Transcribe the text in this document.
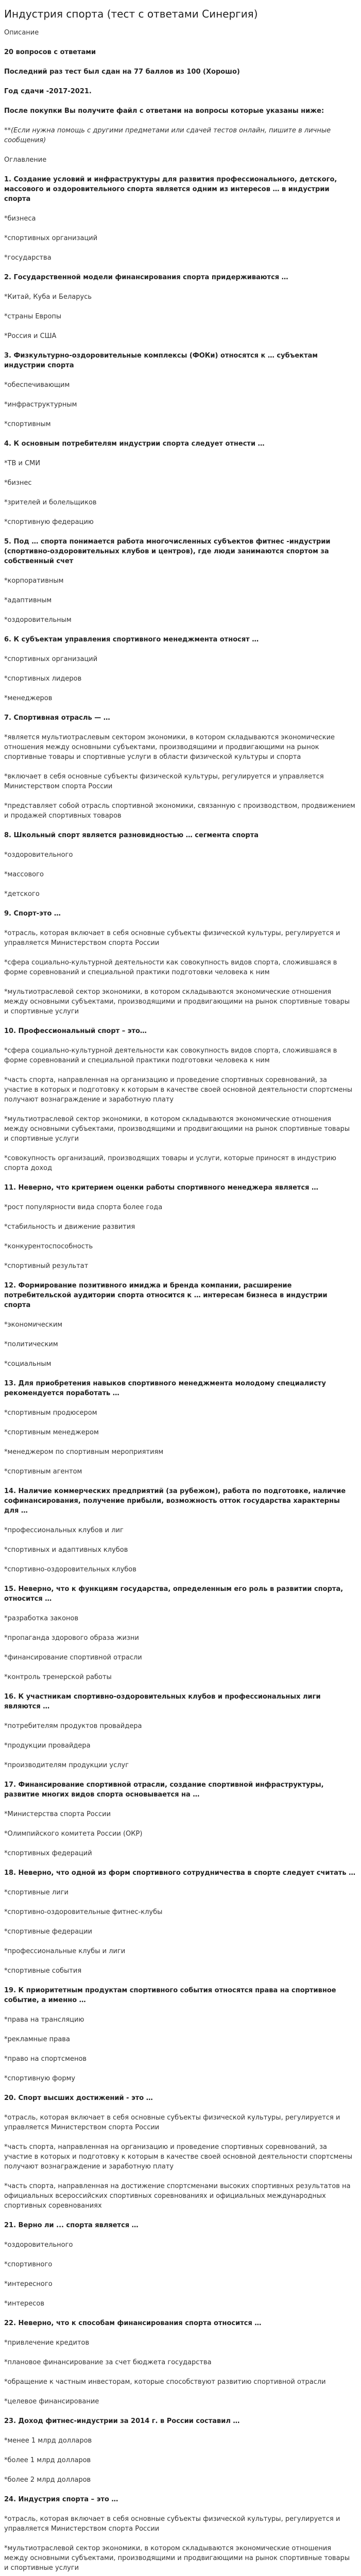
Индустрия спорта (тест с ответами Синергия)

Описание

20 вопросов с ответами

Последний раз тест был сдан на 77 баллов из 100 (Хорошо)

Год сдачи -2017-2021.

После покупки Вы получите файл с ответами на вопросы которые указаны ниже:

**(Если нужна помощь с другими предметами или сдачей тестов онлайн, пишите в личные сообщения)

Оглавление

1. Создание условий и инфраструктуры для развития профессионального, детского, массового и оздоровительного спорта является одним из интересов … в индустрии спорта

*бизнеса

*спортивных организаций

*государства

2. Государственной модели финансирования спорта придерживаются …

*Китай, Куба и Беларусь

*страны Европы

*Россия и США

3. Физкультурно-оздоровительные комплексы (ФОКи) относятся к … субъектам индустрии спорта

*обеспечивающим

*инфраструктурным

*спортивным

4. К основным потребителям индустрии спорта следует отнести …

*ТВ и СМИ

*бизнес

*зрителей и болельщиков

*спортивную федерацию

5. Под … спорта понимается работа многочисленных субъектов фитнес -индустрии (спортивно-оздоровительных клубов и центров), где люди занимаются спортом за собственный счет

*корпоративным

*адаптивным

*оздоровительным

6. К субъектам управления спортивного менеджмента относят …

*спортивных организаций

*спортивных лидеров

*менеджеров

7. Спортивная отрасль — …

*является мультиотраслевым сектором экономики, в котором складываются экономические отношения между основными субъектами, производящими и продвигающими на рынок спортивные товары и спортивные услуги в области физической культуры и спорта

*включает в себя основные субъекты физической культуры, регулируется и управляется Министерством спорта России

*представляет собой отрасль спортивной экономики, связанную с производством, продвижением и продажей спортивных товаров

8. Школьный спорт является разновидностью … сегмента спорта

*оздоровительного

*массового

*детского

9. Спорт-это …

*отрасль, которая включает в себя основные субъекты физической культуры, регулируется и управляется Министерством спорта России

*сфера социально-культурной деятельности как совокупность видов спорта, сложившаяся в форме соревнований и специальной практики подготовки человека к ним

*мультиотраслевой сектор экономики, в котором складываются экономические отношения между основными субъектами, производящими и продвигающими на рынок спортивные товары и спортивные услуги

10. Профессиональный спорт – это…

*сфера социально-культурной деятельности как совокупность видов спорта, сложившаяся в форме соревнований и специальной практики подготовки человека к ним

*часть спорта, направленная на организацию и проведение спортивных соревнований, за участие в которых и подготовку к которым в качестве своей основной деятельности спортсмены получают вознаграждение и заработную плату

*мультиотраслевой сектор экономики, в котором складываются экономические отношения между основными субъектами, производящими и продвигающими на рынок спортивные товары и спортивные услуги

*совокупность организаций, производящих товары и услуги, которые приносят в индустрию спорта доход

11. Неверно, что критерием оценки работы спортивного менеджера является …

*рост популярности вида спорта более года

*стабильность и движение развития

*конкурентоспособность

*спортивный результат

12. Формирование позитивного имиджа и бренда компании, расширение потребительской аудитории спорта относится к … интересам бизнеса в индустрии спорта

*экономическим

*политическим

*социальным

13. Для приобретения навыков спортивного менеджмента молодому специалисту рекомендуется поработать …

*спортивным продюсером

*спортивным менеджером

*менеджером по спортивным мероприятиям

*спортивным агентом

14. Наличие коммерческих предприятий (за рубежом), работа по подготовке, наличие софинансирования, получение прибыли, возможность отток государства характерны для …

*профессиональных клубов и лиг

*спортивных и адаптивных клубов

*спортивно-оздоровительных клубов

15. Неверно, что к функциям государства, определенным его роль в развитии спорта, относится …

*разработка законов

*пропаганда здорового образа жизни

*финансирование спортивной отрасли

*контроль тренерской работы

16. К участникам спортивно-оздоровительных клубов и профессиональных лиги являются …

*потребителям продуктов провайдера

*продукции провайдера

*производителям продукции услуг

17. Финансирование спортивной отрасли, создание спортивной инфраструктуры, развитие многих видов спорта основывается на …

*Министерства спорта России

*Олимпийского комитета России (ОКР)

*спортивных федераций

18. Неверно, что одной из форм спортивного сотрудничества в спорте следует считать …

*спортивные лиги

*спортивно-оздоровительные фитнес-клубы

*спортивные федерации

*профессиональные клубы и лиги

*спортивные события

19. К приоритетным продуктам спортивного события относятся права на спортивное событие, а именно …

*права на трансляцию

*рекламные права

*право на спортсменов

*спортивную форму

20. Спорт высших достижений - это …

*отрасль, которая включает в себя основные субъекты физической культуры, регулируется и управляется Министерством спорта России

*часть спорта, направленная на организацию и проведение спортивных соревнований, за участие в которых и подготовку к которым в качестве своей основной деятельности спортсмены получают вознаграждение и заработную плату

*часть спорта, направленная на достижение спортсменами высоких спортивных результатов на официальных всероссийских спортивных соревнованиях и официальных международных спортивных соревнованиях

21. Верно ли ... спорта является …

*оздоровительного

*спортивного

*интересного

*интересов

22. Неверно, что к способам финансирования спорта относится …

*привлечение кредитов

*плановое финансирование за счет бюджета государства

*обращение к частным инвесторам, которые способствуют развитию спортивной отрасли

*целевое финансирование

23. Доход фитнес-индустрии за 2014 г. в России составил …

*менее 1 млрд долларов

*более 1 млрд долларов

*более 2 млрд долларов

24. Индустрия спорта – это …

*отрасль, которая включает в себя основные субъекты физической культуры, регулируется и управляется Министерством спорта России

*мультиотраслевой сектор экономики, в котором складываются экономические отношения между основными субъектами, производящими и продвигающими на рынок спортивные товары и спортивные услуги
